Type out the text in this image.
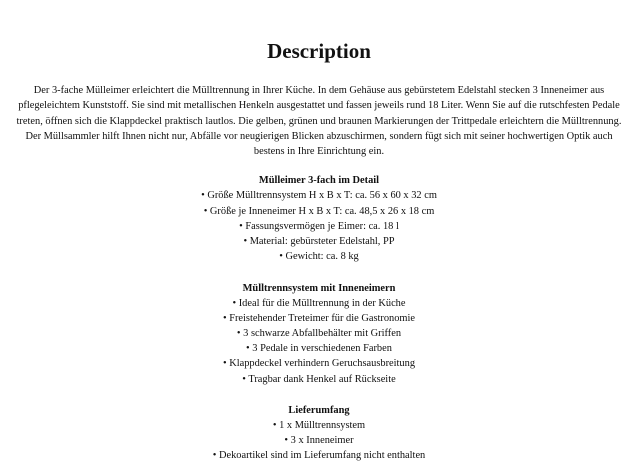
Description

Der 3-fache Mülleimer erleichtert die Mülltrennung in Ihrer Küche. In dem Gehäuse aus gebürstetem Edelstahl stecken 3 Inneneimer aus pflegeleichtem Kunststoff. Sie sind mit metallischen Henkeln ausgestattet und fassen jeweils rund 18 Liter. Wenn Sie auf die rutschfesten Pedale treten, öffnen sich die Klappdeckel praktisch lautlos. Die gelben, grünen und braunen Markierungen der Trittpedale erleichtern die Mülltrennung. Der Müllsammler hilft Ihnen nicht nur, Abfälle vor neugierigen Blicken abzuschirmen, sondern fügt sich mit seiner hochwertigen Optik auch bestens in Ihre Einrichtung ein.

Mülleimer 3-fach im Detail
• Größe Mülltrennsystem H x B x T: ca. 56 x 60 x 32 cm
• Größe je Inneneimer H x B x T: ca. 48,5 x 26 x 18 cm
• Fassungsvermögen je Eimer: ca. 18 l
• Material: gebürsteter Edelstahl, PP
• Gewicht: ca. 8 kg
Mülltrennsystem mit Inneneimern
• Ideal für die Mülltrennung in der Küche
• Freistehender Treteimer für die Gastronomie
• 3 schwarze Abfallbehälter mit Griffen
• 3 Pedale in verschiedenen Farben
• Klappdeckel verhindern Geruchsausbreitung
• Tragbar dank Henkel auf Rückseite
Lieferumfang
• 1 x Mülltrennsystem
• 3 x Inneneimer
• Dekoartikel sind im Lieferumfang nicht enthalten
